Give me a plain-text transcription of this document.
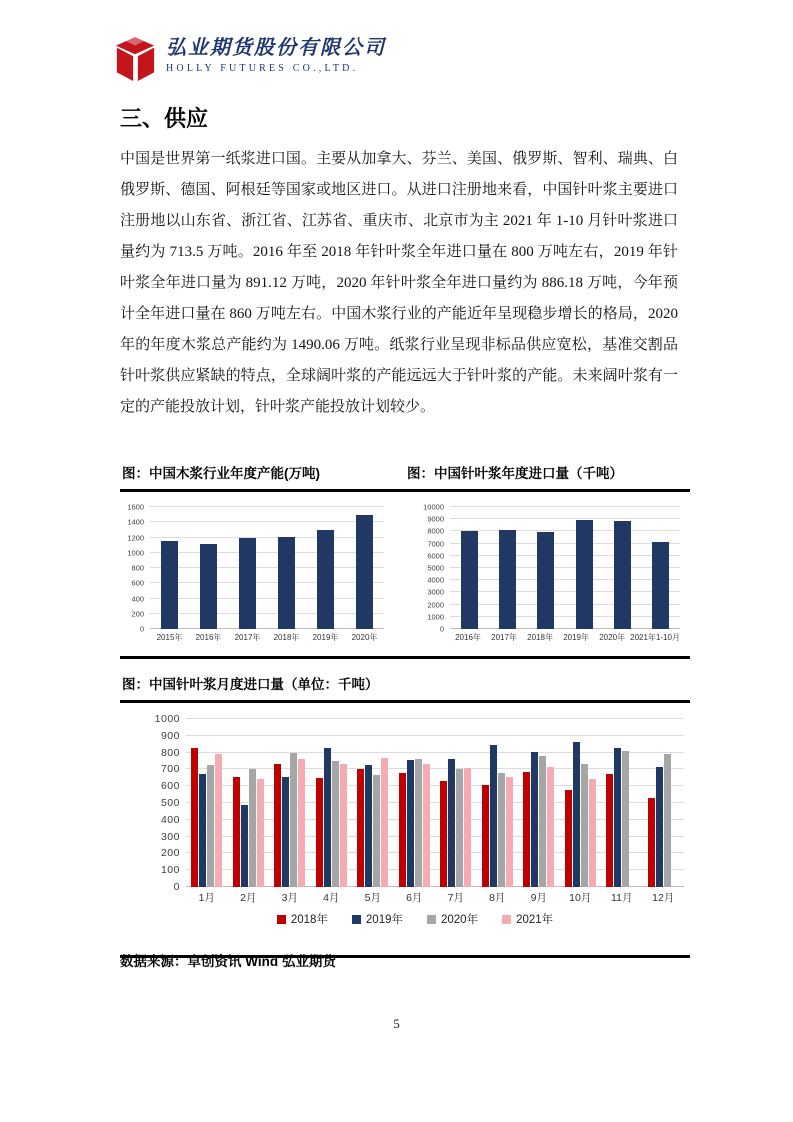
弘业期货股份有限公司
HOLLY FUTURES CO.,LTD.
三、供应

中国是世界第一纸浆进口国。主要从加拿大、芬兰、美国、俄罗斯、智利、瑞典、白俄罗斯、德国、阿根廷等国家或地区进口。从进口注册地来看，中国针叶浆主要进口注册地以山东省、浙江省、江苏省、重庆市、北京市为主 2021 年 1-10 月针叶浆进口量约为 713.5 万吨。2016 年至 2018 年针叶浆全年进口量在 800 万吨左右，2019 年针叶浆全年进口量为 891.12 万吨，2020 年针叶浆全年进口量约为 886.18 万吨，今年预计全年进口量在 860 万吨左右。中国木浆行业的产能近年呈现稳步增长的格局，2020 年的年度木浆总产能约为 1490.06 万吨。纸浆行业呈现非标品供应宽松，基准交割品针叶浆供应紧缺的特点，全球阔叶浆的产能远远大于针叶浆的产能。未来阔叶浆有一定的产能投放计划，针叶浆产能投放计划较少。

图：中国木浆行业年度产能(万吨)	图：中国针叶浆年度进口量（千吨）
0
200
400
600
800
1000
1200
1400
1600
2015年	2016年	2017年	2018年	2019年	2020年
0
1000
2000
3000
4000
5000
6000
7000
8000
9000
10000
2016年	2017年	2018年	2019年	2020年 2021年1-10月
图：中国针叶浆月度进口量（单位：千吨）
0
100
200
300
400
500
600
700
800
900
1000
1月	2月	3月	4月	5月	6月	7月	8月	9月	10月	11月	12月
2018年	2019年	2020年	2021年
数据来源：卓创资讯 Wind 弘业期货
5
